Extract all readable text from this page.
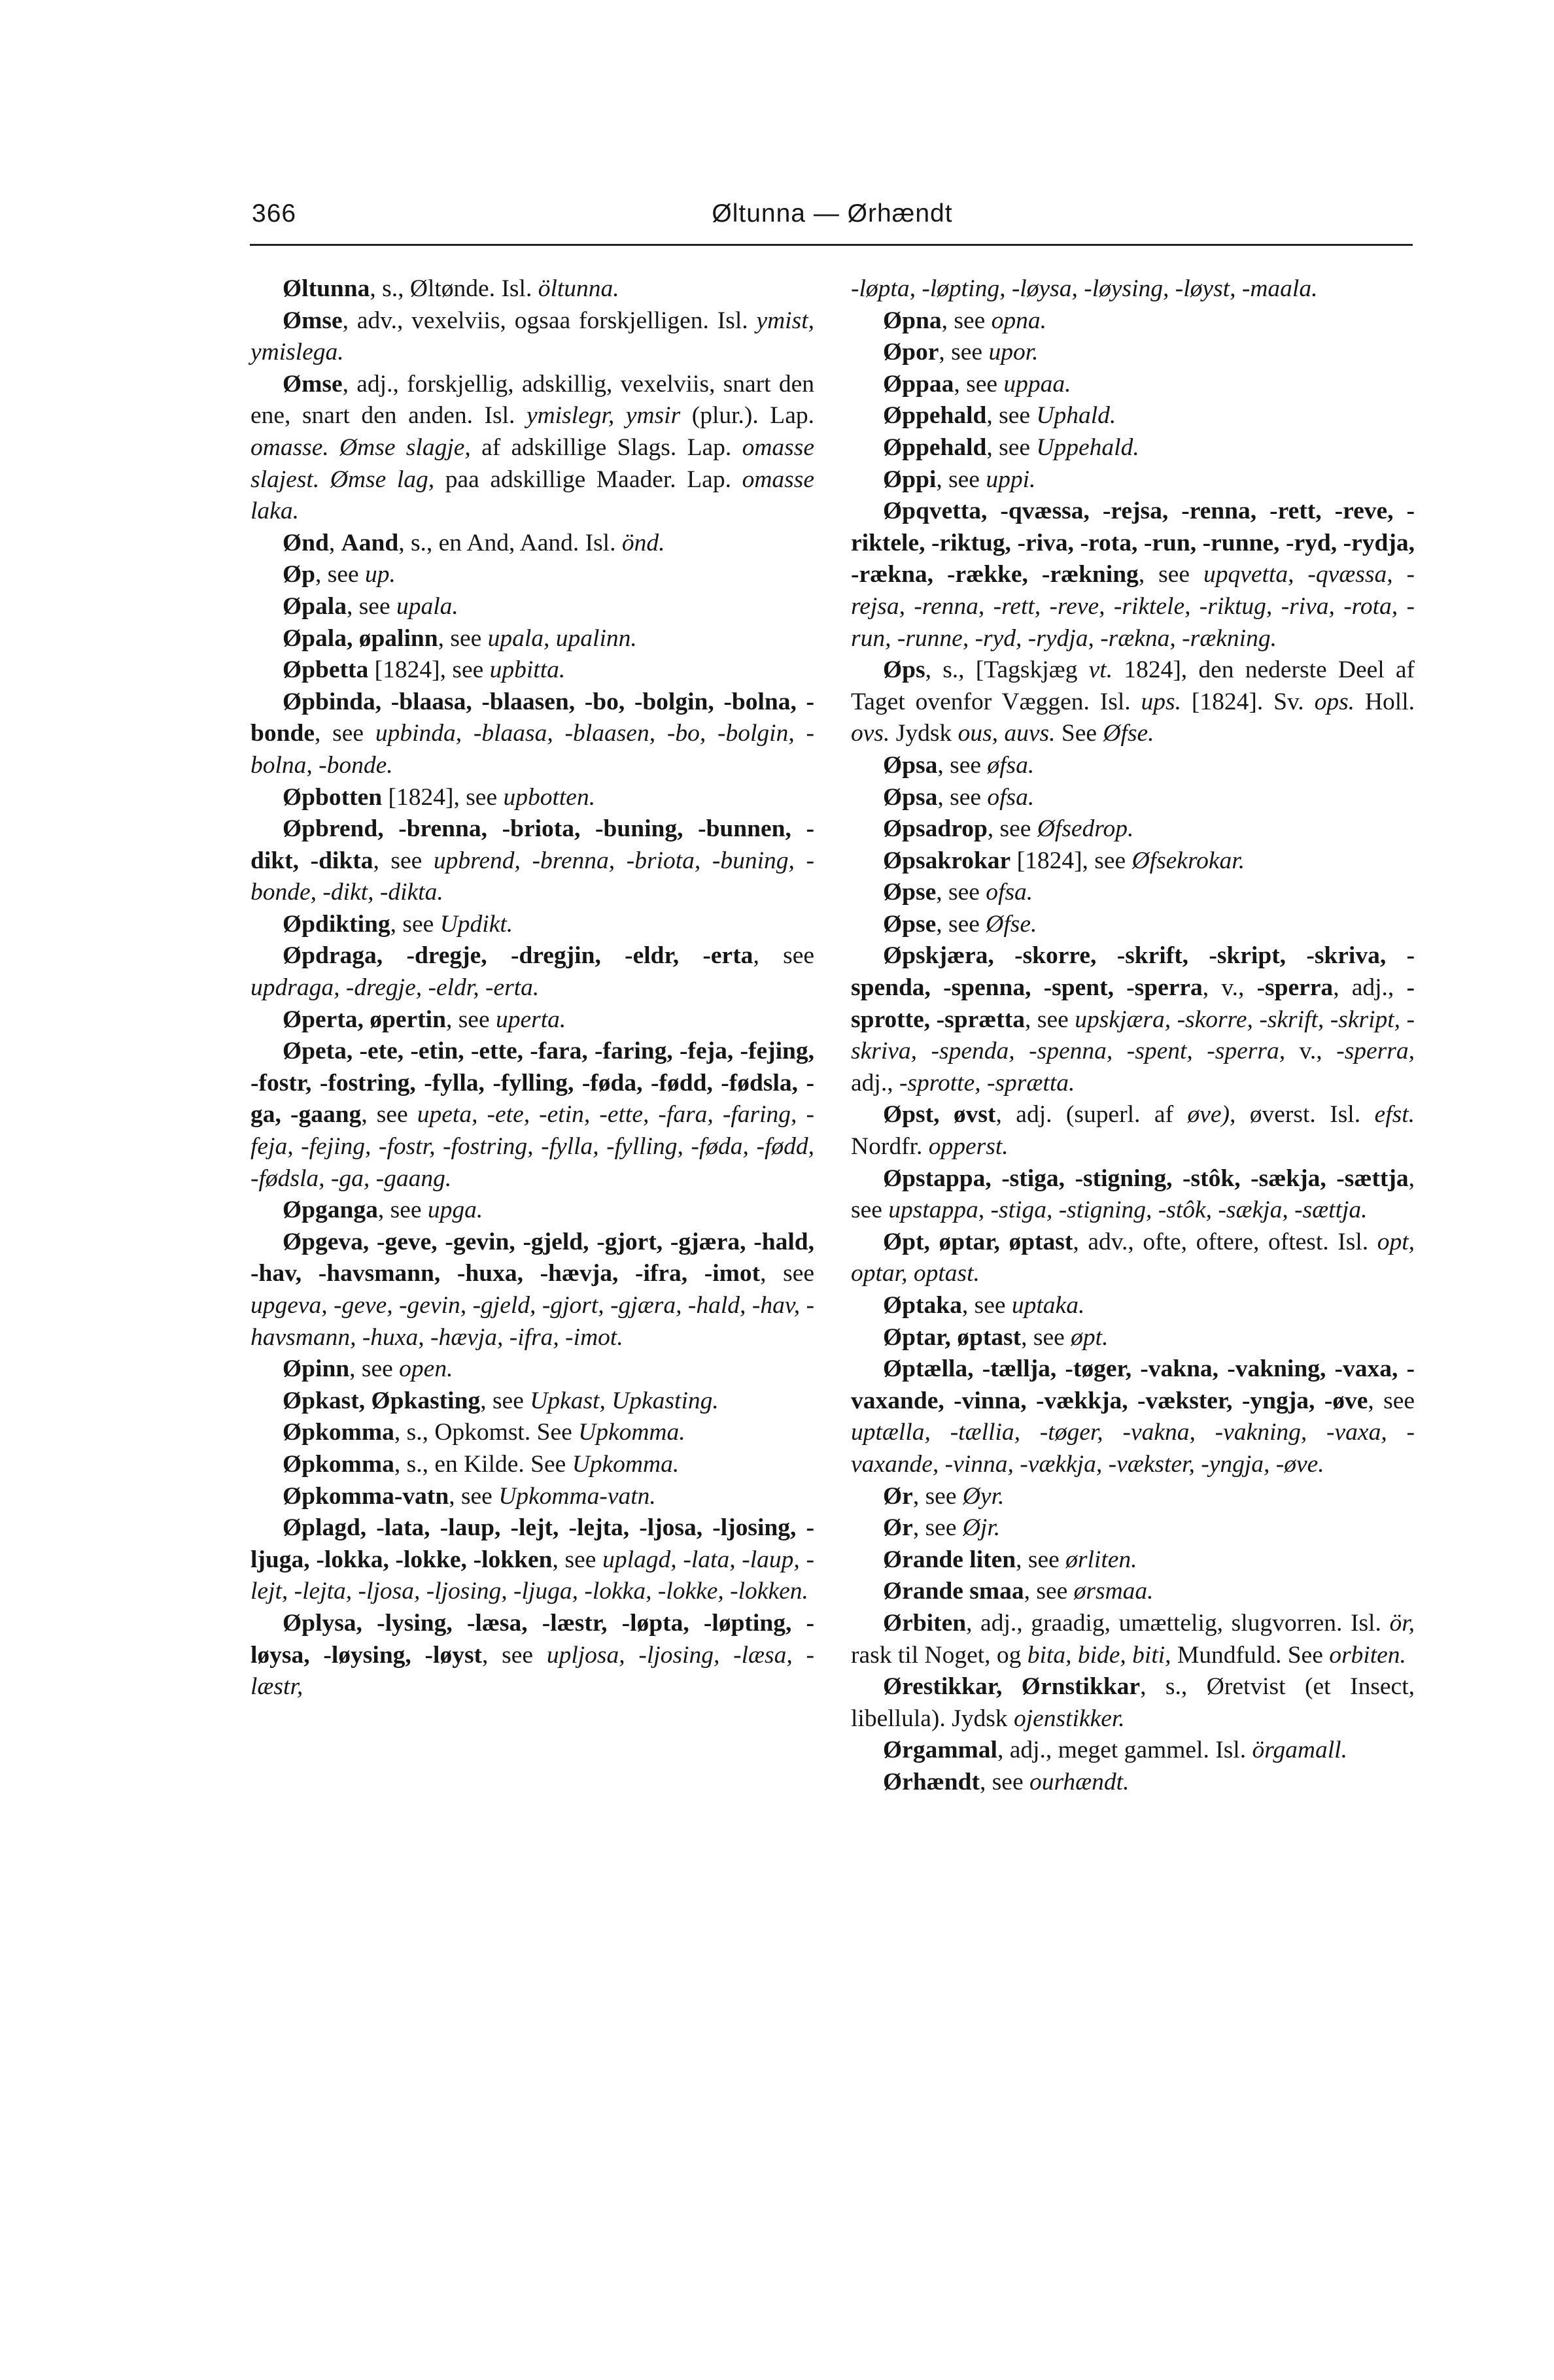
366	Øltunna — Ørhændt

Øltunna, s., Øltønde. Isl. öltunna.

Ømse, adv., vexelviis, ogsaa forskjelligen. Isl. ymist, ymislega.

Ømse, adj., forskjellig, adskillig, vexelviis, snart den ene, snart den anden. Isl. ymislegr, ymsir (plur.). Lap. omasse. Ømse slagje, af adskillige Slags. Lap. omasse slajest. Ømse lag, paa adskillige Maader. Lap. omasse laka.

Ønd, Aand, s., en And, Aand. Isl. önd.

Øp, see up.

Øpala, see upala.

Øpala, øpalinn, see upala, upalinn.

Øpbetta [1824], see upbitta.

Øpbinda, -blaasa, -blaasen, -bo, -bolgin, -bolna, -bonde, see upbinda, -blaasa, -blaasen, -bo, -bolgin, -bolna, -bonde.

Øpbotten [1824], see upbotten.

Øpbrend, -brenna, -briota, -buning, -bunnen, -dikt, -dikta, see upbrend, -brenna, -briota, -buning, -bonde, -dikt, -dikta.

Øpdikting, see Updikt.

Øpdraga, -dregje, -dregjin, -eldr, -erta, see updraga, -dregje, -eldr, -erta.

Øperta, øpertin, see uperta.

Øpeta, -ete, -etin, -ette, -fara, -faring, -feja, -fejing, -fostr, -fostring, -fylla, -fylling, -føda, -fødd, -fødsla, -ga, -gaang, see upeta, -ete, -etin, -ette, -fara, -faring, -feja, -fejing, -fostr, -fostring, -fylla, -fylling, -føda, -fødd, -fødsla, -ga, -gaang.

Øpganga, see upga.

Øpgeva, -geve, -gevin, -gjeld, -gjort, -gjæra, -hald, -hav, -havsmann, -huxa, -hævja, -ifra, -imot, see upgeva, -geve, -gevin, -gjeld, -gjort, -gjæra, -hald, -hav, -havsmann, -huxa, -hævja, -ifra, -imot.

Øpinn, see open.

Øpkast, Øpkasting, see Upkast, Upkasting.

Øpkomma, s., Opkomst. See Upkomma.

Øpkomma, s., en Kilde. See Upkomma.

Øpkomma-vatn, see Upkomma-vatn.

Øplagd, -lata, -laup, -lejt, -lejta, -ljosa, -ljosing, -ljuga, -lokka, -lokke, -lokken, see uplagd, -lata, -laup, -lejt, -lejta, -ljosa, -ljosing, -ljuga, -lokka, -lokke, -lokken.

Øplysa, -lysing, -læsa, -læstr, -løpta, -løpting, -løysa, -løysing, -løyst, see upljosa, -ljosing, -læsa, -læstr,

-løpta, -løpting, -løysa, -løysing, -løyst, -maala.

Øpna, see opna.

Øpor, see upor.

Øppaa, see uppaa.

Øppehald, see Uphald.

Øppehald, see Uppehald.

Øppi, see uppi.

Øpqvetta, -qvæssa, -rejsa, -renna, -rett, -reve, -riktele, -riktug, -riva, -rota, -run, -runne, -ryd, -rydja, -rækna, -række, -rækning, see upqvetta, -qvæssa, -rejsa, -renna, -rett, -reve, -riktele, -riktug, -riva, -rota, -run, -runne, -ryd, -rydja, -rækna, -rækning.

Øps, s., [Tagskjæg vt. 1824], den nederste Deel af Taget ovenfor Væggen. Isl. ups. [1824]. Sv. ops. Holl. ovs. Jydsk ous, auvs. See Øfse.

Øpsa, see øfsa.

Øpsa, see ofsa.

Øpsadrop, see Øfsedrop.

Øpsakrokar [1824], see Øfsekrokar.

Øpse, see ofsa.

Øpse, see Øfse.

Øpskjæra, -skorre, -skrift, -skript, -skriva, -spenda, -spenna, -spent, -sperra, v., -sperra, adj., -sprotte, -sprætta, see upskjæra, -skorre, -skrift, -skript, -skriva, -spenda, -spenna, -spent, -sperra, v., -sperra, adj., -sprotte, -sprætta.

Øpst, øvst, adj. (superl. af øve), øverst. Isl. efst. Nordfr. opperst.

Øpstappa, -stiga, -stigning, -stôk, -sækja, -sættja, see upstappa, -stiga, -stigning, -stôk, -sækja, -sættja.

Øpt, øptar, øptast, adv., ofte, oftere, oftest. Isl. opt, optar, optast.

Øptaka, see uptaka.

Øptar, øptast, see øpt.

Øptælla, -tællja, -tøger, -vakna, -vakning, -vaxa, -vaxande, -vinna, -vækkja, -vækster, -yngja, -øve, see uptælla, -tællia, -tøger, -vakna, -vakning, -vaxa, -vaxande, -vinna, -vækkja, -vækster, -yngja, -øve.

Ør, see Øyr.

Ør, see Øjr.

Ørande liten, see ørliten.

Ørande smaa, see ørsmaa.

Ørbiten, adj., graadig, umættelig, slugvorren. Isl. ör, rask til Noget, og bita, bide, biti, Mundfuld. See orbiten.

Ørestikkar, Ørnstikkar, s., Øretvist (et Insect, libellula). Jydsk ojenstikker.

Ørgammal, adj., meget gammel. Isl. örgamall.

Ørhændt, see ourhændt.
